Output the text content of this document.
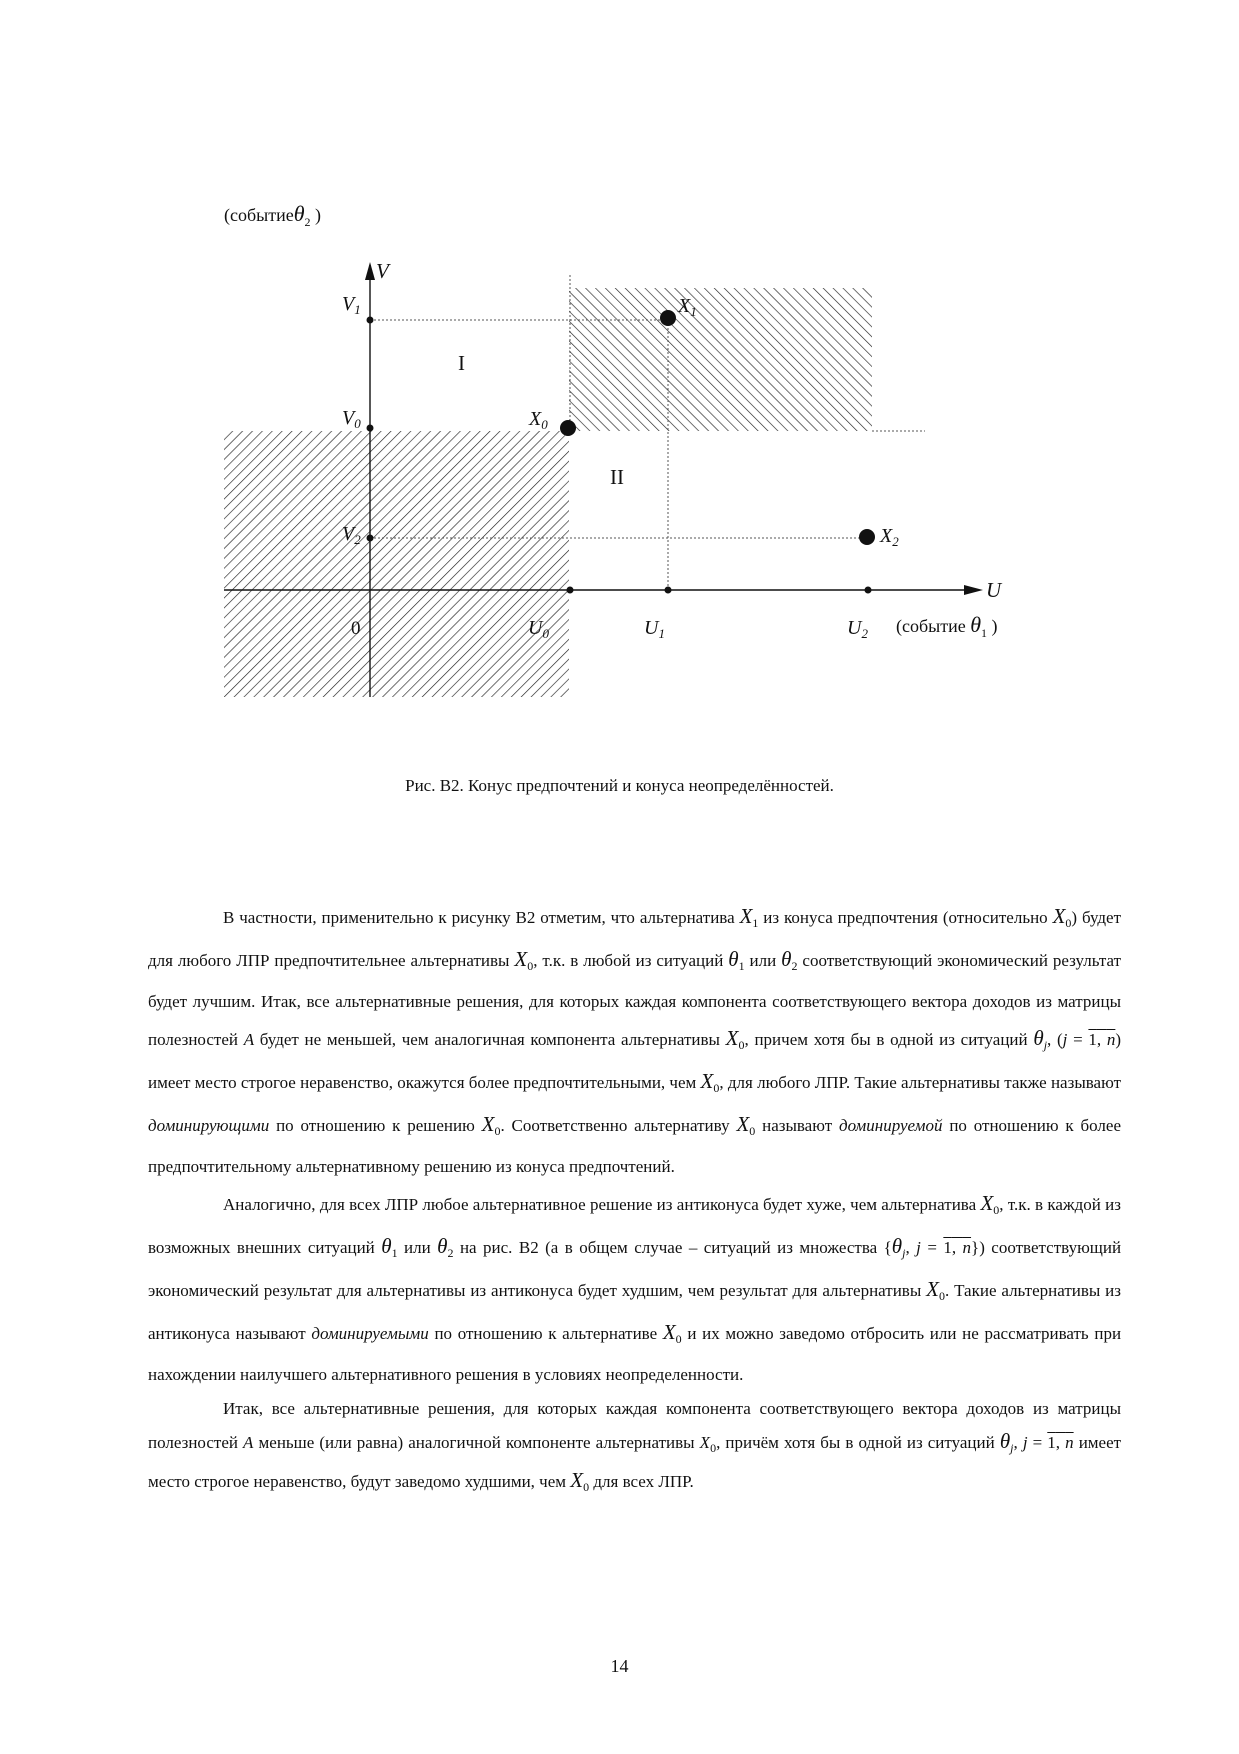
(событиеθ$_2$ )
V
U
$V_1$
$V_0$
$V_2$
0	$U_0$	$U_1$	$U_2$
$X_0$
$X_1$
$X_2$
I
II
(событие $\theta_1$ )
Рис. В2. Конус предпочтений и конуса неопределённостей.

В частности, применительно к рисунку В2 отметим, что альтернатива $X_1$ из конуса предпочтения (относительно $X_0$) будет для любого ЛПР предпочтительнее альтернативы $X_0$, т.к. в любой из ситуаций $\theta_1$ или $\theta_2$ соответствующий экономический результат будет лучшим. Итак, все альтернативные решения, для которых каждая компонента соответствующего вектора доходов из матрицы полезностей A будет не меньшей, чем аналогичная компонента альтернативы $X_0$, причем хотя бы в одной из ситуаций $\theta_j$, (j = 1, n) имеет место строгое неравенство, окажутся более предпочтительными, чем $X_0$, для любого ЛПР. Такие альтернативы также называют доминирующими по отношению к решению $X_0$. Соответственно альтернативу $X_0$ называют доминируемой по отношению к более предпочтительному альтернативному решению из конуса предпочтений.

Аналогично, для всех ЛПР любое альтернативное решение из антиконуса будет хуже, чем альтернатива $X_0$, т.к. в каждой из возможных внешних ситуаций $\theta_1$ или $\theta_2$ на рис. В2 (а в общем случае – ситуаций из множества {$\theta_j$, j = 1, n}) соответствующий экономический результат для альтернативы из антиконуса будет худшим, чем результат для альтернативы $X_0$. Такие альтернативы из антиконуса называют доминируемыми по отношению к альтернативе $X_0$ и их можно заведомо отбросить или не рассматривать при нахождении наилучшего альтернативного решения в условиях неопределенности.

Итак, все альтернативные решения, для которых каждая компонента соответствующего вектора доходов из матрицы полезностей A меньше (или равна) аналогичной компоненте альтернативы $X_0$, причём хотя бы в одной из ситуаций $\theta_j$, j = 1, n имеет место строгое неравенство, будут заведомо худшими, чем $X_0$ для всех ЛПР.

14
